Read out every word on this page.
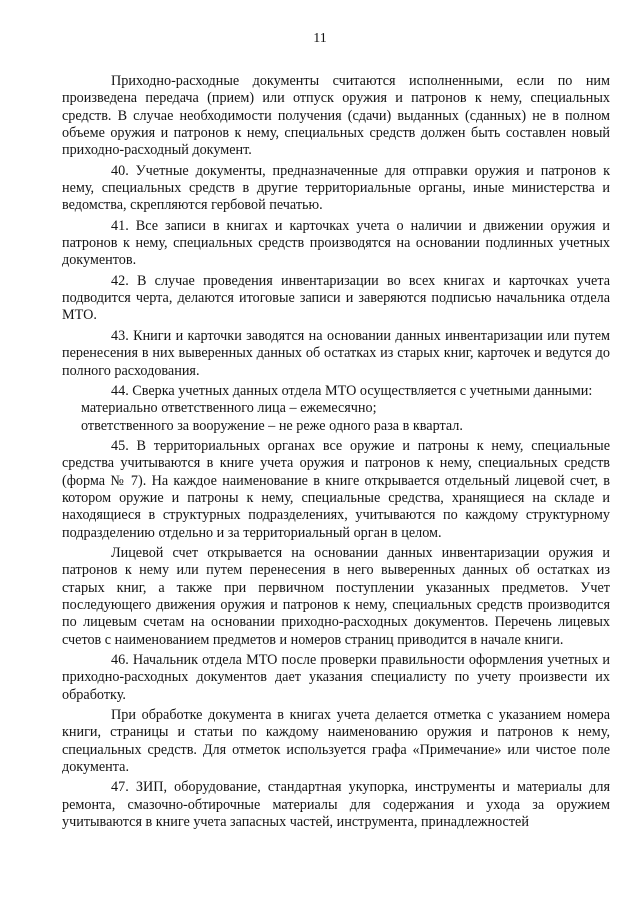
11

Приходно-расходные документы считаются исполненными, если по ним произведена передача (прием) или отпуск оружия и патронов к нему, специальных средств. В случае необходимости получения (сдачи) выданных (сданных) не в полном объеме оружия и патронов к нему, специальных средств должен быть составлен новый приходно-расходный документ.

40. Учетные документы, предназначенные для отправки оружия и патронов к нему, специальных средств в другие территориальные органы, иные министерства и ведомства, скрепляются гербовой печатью.

41. Все записи в книгах и карточках учета о наличии и движении оружия и патронов к нему, специальных средств производятся на основании подлинных учетных документов.

42. В случае проведения инвентаризации во всех книгах и карточках учета подводится черта, делаются итоговые записи и заверяются подписью начальника отдела МТО.

43. Книги и карточки заводятся на основании данных инвентаризации или путем перенесения в них выверенных данных об остатках из старых книг, карточек и ведутся до полного расходования.

44. Сверка учетных данных отдела МТО осуществляется с учетными данными:

материально ответственного лица – ежемесячно;

ответственного за вооружение – не реже одного раза в квартал.

45. В территориальных органах все оружие и патроны к нему, специальные средства учитываются в книге учета оружия и патронов к нему, специальных средств (форма № 7). На каждое наименование в книге открывается отдельный лицевой счет, в котором оружие и патроны к нему, специальные средства, хранящиеся на складе и находящиеся в структурных подразделениях, учитываются по каждому структурному подразделению отдельно и за территориальный орган в целом.

Лицевой счет открывается на основании данных инвентаризации оружия и патронов к нему или путем перенесения в него выверенных данных об остатках из старых книг, а также при первичном поступлении указанных предметов. Учет последующего движения оружия и патронов к нему, специальных средств производится по лицевым счетам на основании приходно-расходных документов. Перечень лицевых счетов с наименованием предметов и номеров страниц приводится в начале книги.

46. Начальник отдела МТО после проверки правильности оформления учетных и приходно-расходных документов дает указания специалисту по учету произвести их обработку.

При обработке документа в книгах учета делается отметка с указанием номера книги, страницы и статьи по каждому наименованию оружия и патронов к нему, специальных средств. Для отметок используется графа «Примечание» или чистое поле документа.

47. ЗИП, оборудование, стандартная укупорка, инструменты и материалы для ремонта, смазочно-обтирочные материалы для содержания и ухода за оружием учитываются в книге учета запасных частей, инструмента, принадлежностей
